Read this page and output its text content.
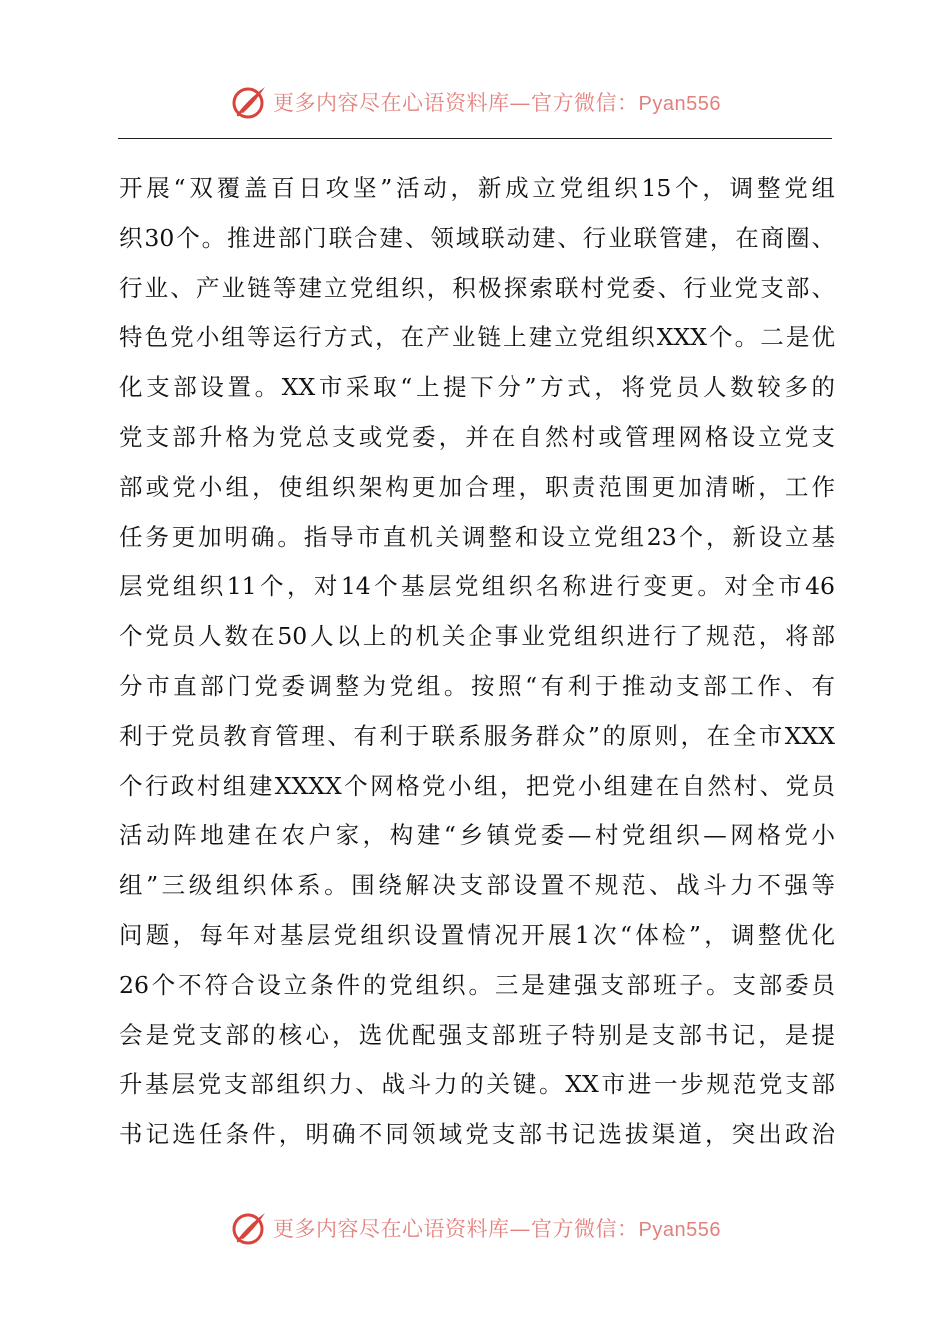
更多内容尽在心语资料库—官方微信：Pyan556
开展“双覆盖百日攻坚”活动，新成立党组织15个，调整党组
织30个。推进部门联合建、领域联动建、行业联管建，在商圈、
行业、产业链等建立党组织，积极探索联村党委、行业党支部、
特色党小组等运行方式，在产业链上建立党组织XXX个。二是优
化支部设置。XX市采取“上提下分”方式，将党员人数较多的
党支部升格为党总支或党委，并在自然村或管理网格设立党支
部或党小组，使组织架构更加合理，职责范围更加清晰，工作
任务更加明确。指导市直机关调整和设立党组23个，新设立基
层党组织11个，对14个基层党组织名称进行变更。对全市46
个党员人数在50人以上的机关企事业党组织进行了规范，将部
分市直部门党委调整为党组。按照“有利于推动支部工作、有
利于党员教育管理、有利于联系服务群众”的原则，在全市XXX
个行政村组建XXXX个网格党小组，把党小组建在自然村、党员
活动阵地建在农户家，构建“乡镇党委—村党组织—网格党小
组”三级组织体系。围绕解决支部设置不规范、战斗力不强等
问题，每年对基层党组织设置情况开展1次“体检”，调整优化
26个不符合设立条件的党组织。三是建强支部班子。支部委员
会是党支部的核心，选优配强支部班子特别是支部书记，是提
升基层党支部组织力、战斗力的关键。XX市进一步规范党支部
书记选任条件，明确不同领域党支部书记选拔渠道，突出政治
更多内容尽在心语资料库—官方微信：Pyan556
